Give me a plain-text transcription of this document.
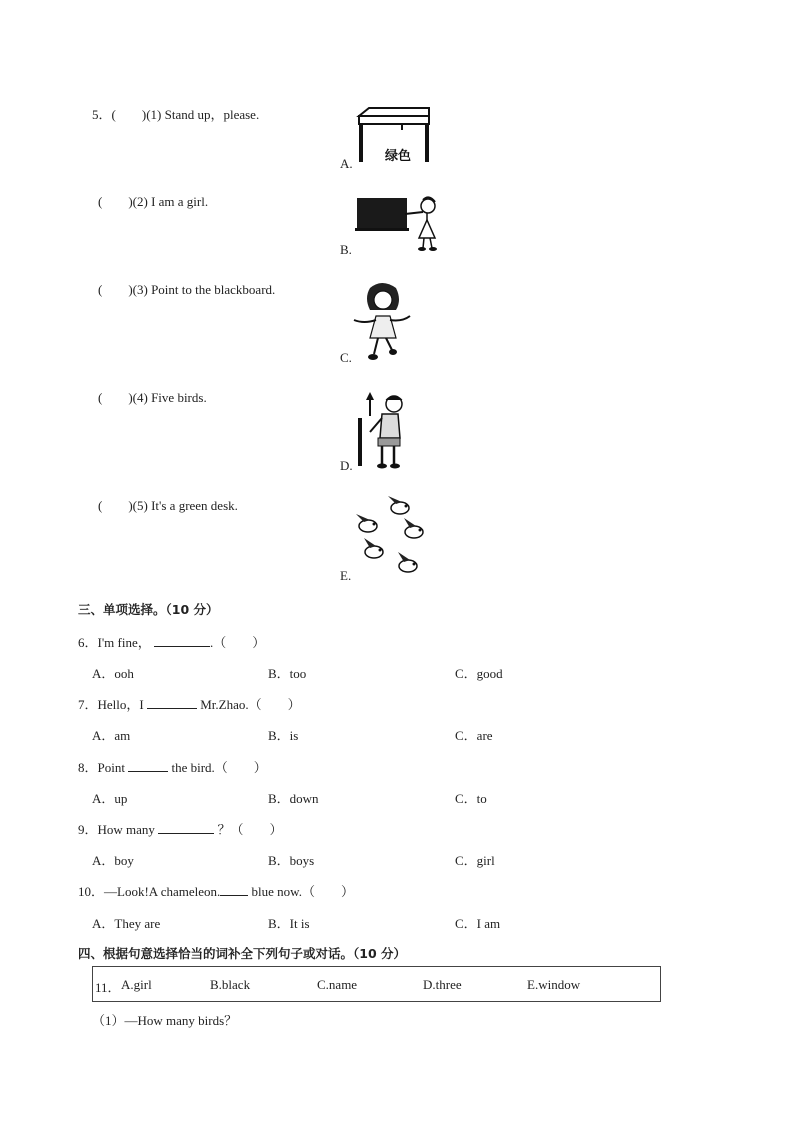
5．(　　)(1) Stand up，please.
(　　)(2) I am a girl.
(　　)(3) Point to the blackboard.
(　　)(4) Five birds.
(　　)(5) It's a green desk.
A. 绿色
B.
C.
D.
E.
三、单项选择。（10 分）
6．I'm fine，	.（　　）
A．ooh	B．too	C．good
7．Hello，I	Mr.Zhao.（　　）
A．am	B．is	C．are
8．Point	the bird.（　　）
A．up	B．down	C．to
9．How many	？（　　）
A．boy	B．boys	C．girl
10．—Look!A chameleon. blue now.（　　）
A．They are	B．It is	C．I am
四、根据句意选择恰当的词补全下列句子或对话。（10 分）
11． A.girl	B.black	C.name	D.three	E.window
（1）—How many birds？
